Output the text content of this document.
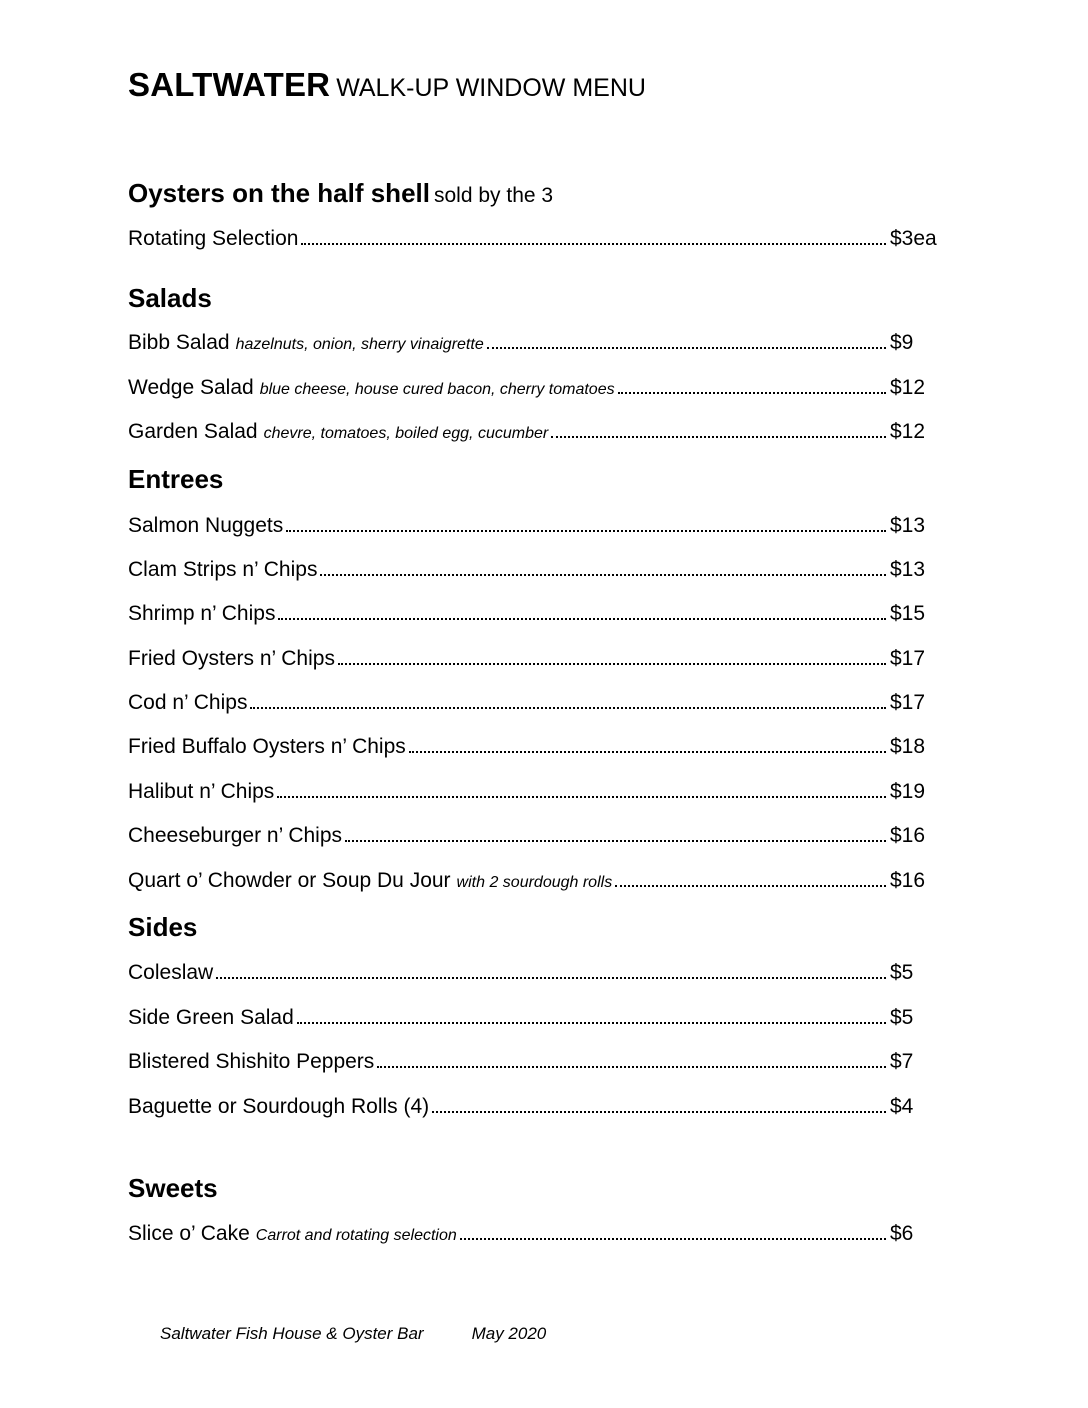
SALTWATER WALK-UP WINDOW MENU
Oysters on the half shell sold by the 3
Rotating Selection	$3ea
Salads
Bibb Salad hazelnuts, onion, sherry vinaigrette	$9
Wedge Salad blue cheese, house cured bacon, cherry tomatoes	$12
Garden Salad chevre, tomatoes, boiled egg, cucumber	$12
Entrees
Salmon Nuggets	$13
Clam Strips n’ Chips	$13
Shrimp n’ Chips	$15
Fried Oysters n’ Chips	$17
Cod n’ Chips	$17
Fried Buffalo Oysters n’ Chips	$18
Halibut n’ Chips	$19
Cheeseburger n’ Chips	$16
Quart o’ Chowder or Soup Du Jour with 2 sourdough rolls	$16
Sides
Coleslaw	$5
Side Green Salad	$5
Blistered Shishito Peppers	$7
Baguette or Sourdough Rolls (4)	$4
Sweets
Slice o’ Cake Carrot and rotating selection	$6
Saltwater Fish House & Oyster Bar	May 2020
